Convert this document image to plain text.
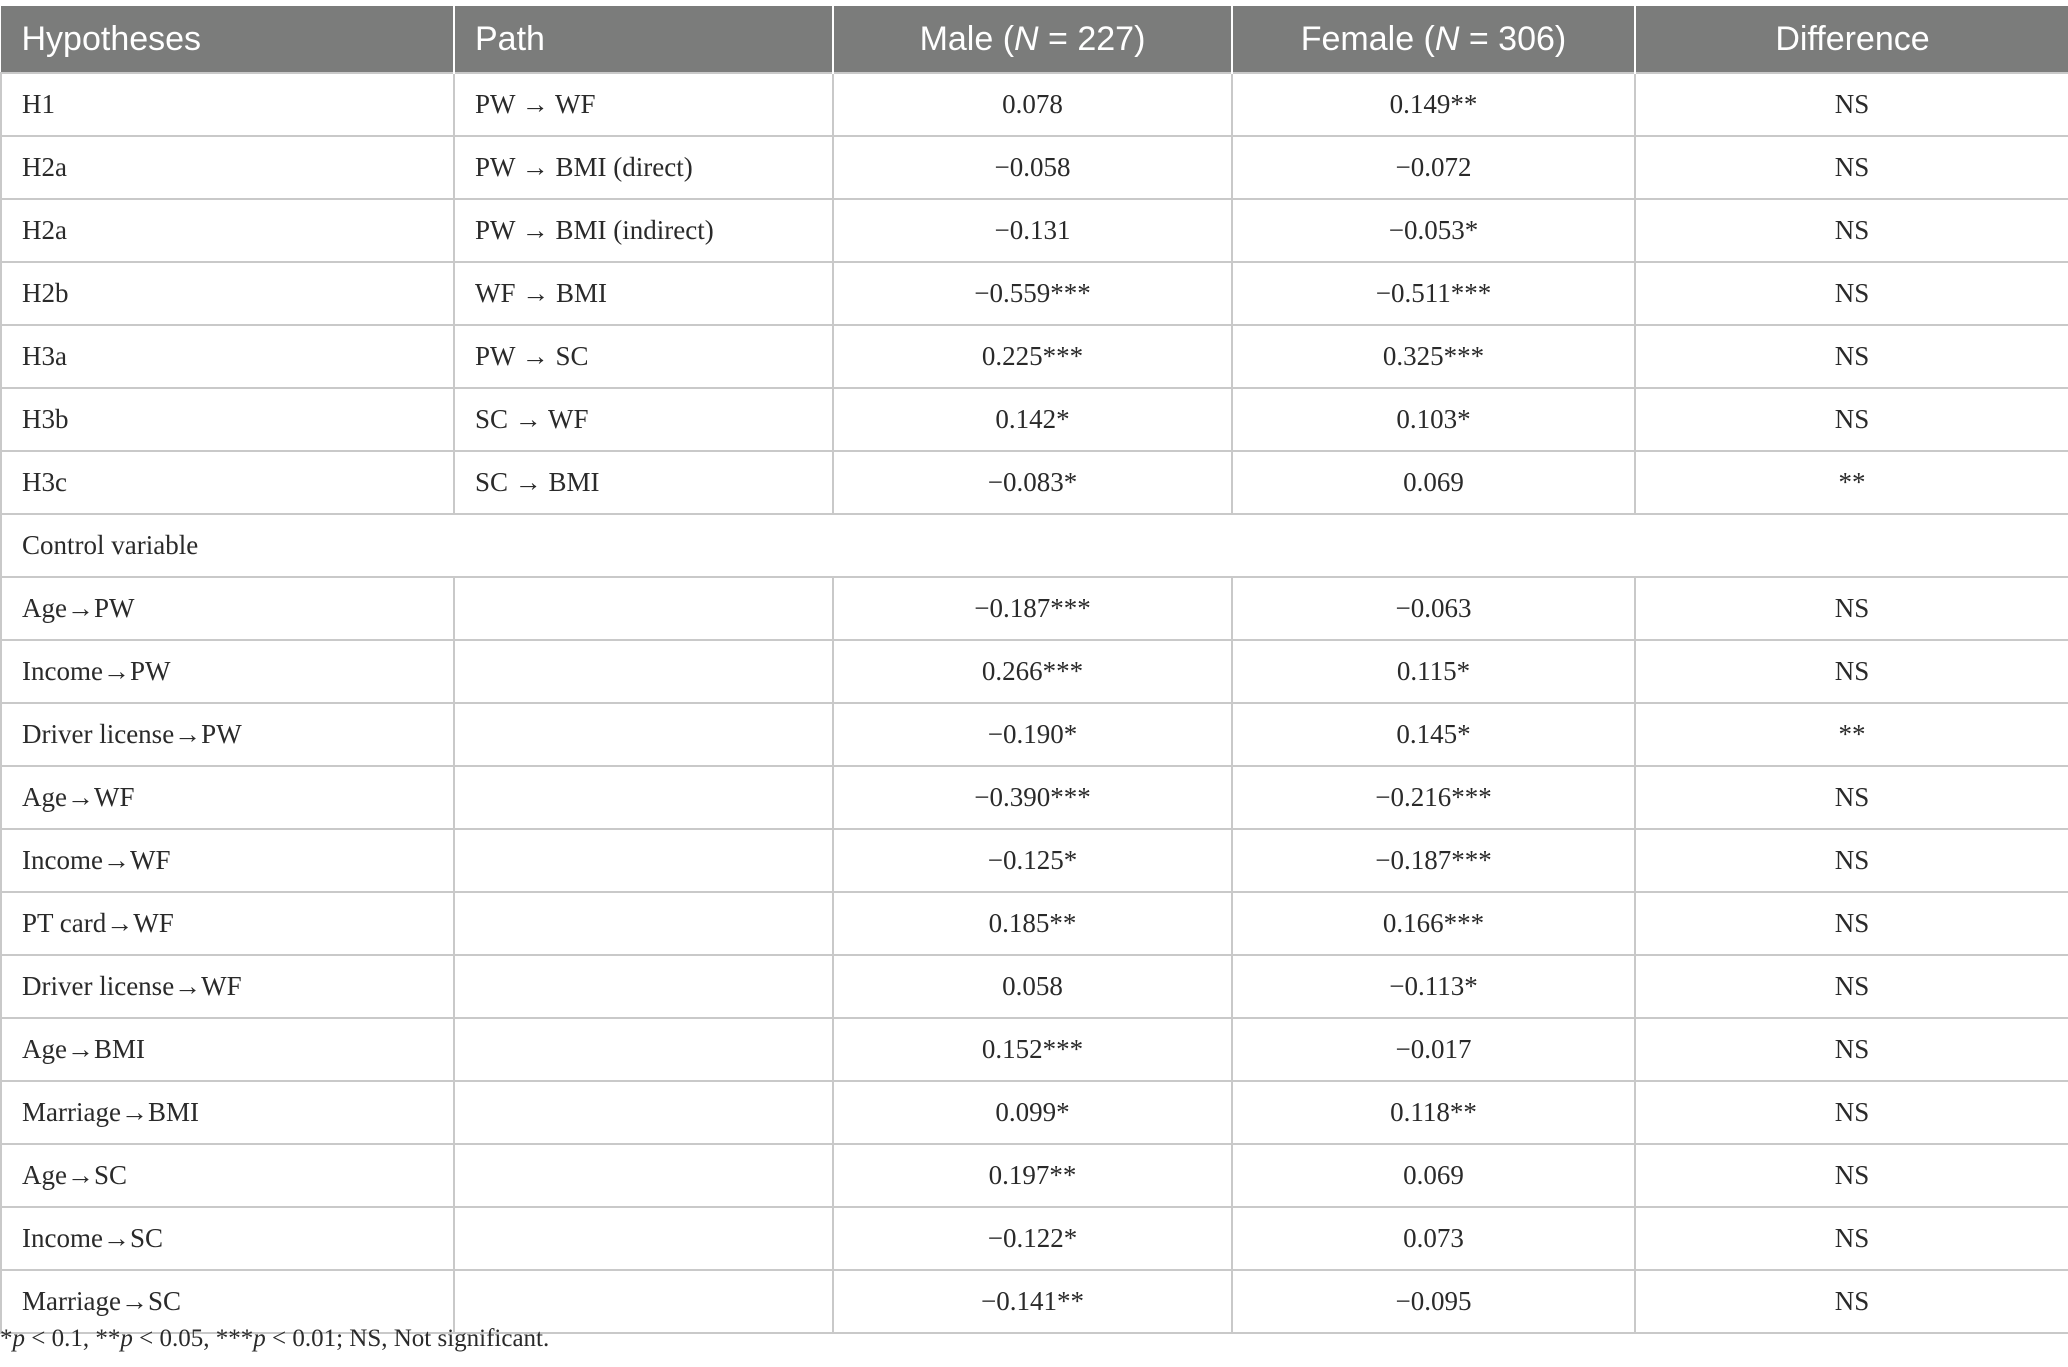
Hypotheses	Path	Male (N = 227)	Female (N = 306)	Difference
H1	PW → WF	0.078	0.149**	NS
H2a	PW → BMI (direct)	−0.058	−0.072	NS
H2a	PW → BMI (indirect)	−0.131	−0.053*	NS
H2b	WF → BMI	−0.559***	−0.511***	NS
H3a	PW → SC	0.225***	0.325***	NS
H3b	SC → WF	0.142*	0.103*	NS
H3c	SC → BMI	−0.083*	0.069	**
Control variable				
Age→PW		−0.187***	−0.063	NS
Income→PW		0.266***	0.115*	NS
Driver license→PW		−0.190*	0.145*	**
Age→WF		−0.390***	−0.216***	NS
Income→WF		−0.125*	−0.187***	NS
PT card→WF		0.185**	0.166***	NS
Driver license→WF		0.058	−0.113*	NS
Age→BMI		0.152***	−0.017	NS
Marriage→BMI		0.099*	0.118**	NS
Age→SC		0.197**	0.069	NS
Income→SC		−0.122*	0.073	NS
Marriage→SC		−0.141**	−0.095	NS
*p < 0.1, **p < 0.05, ***p < 0.01; NS, Not significant.
